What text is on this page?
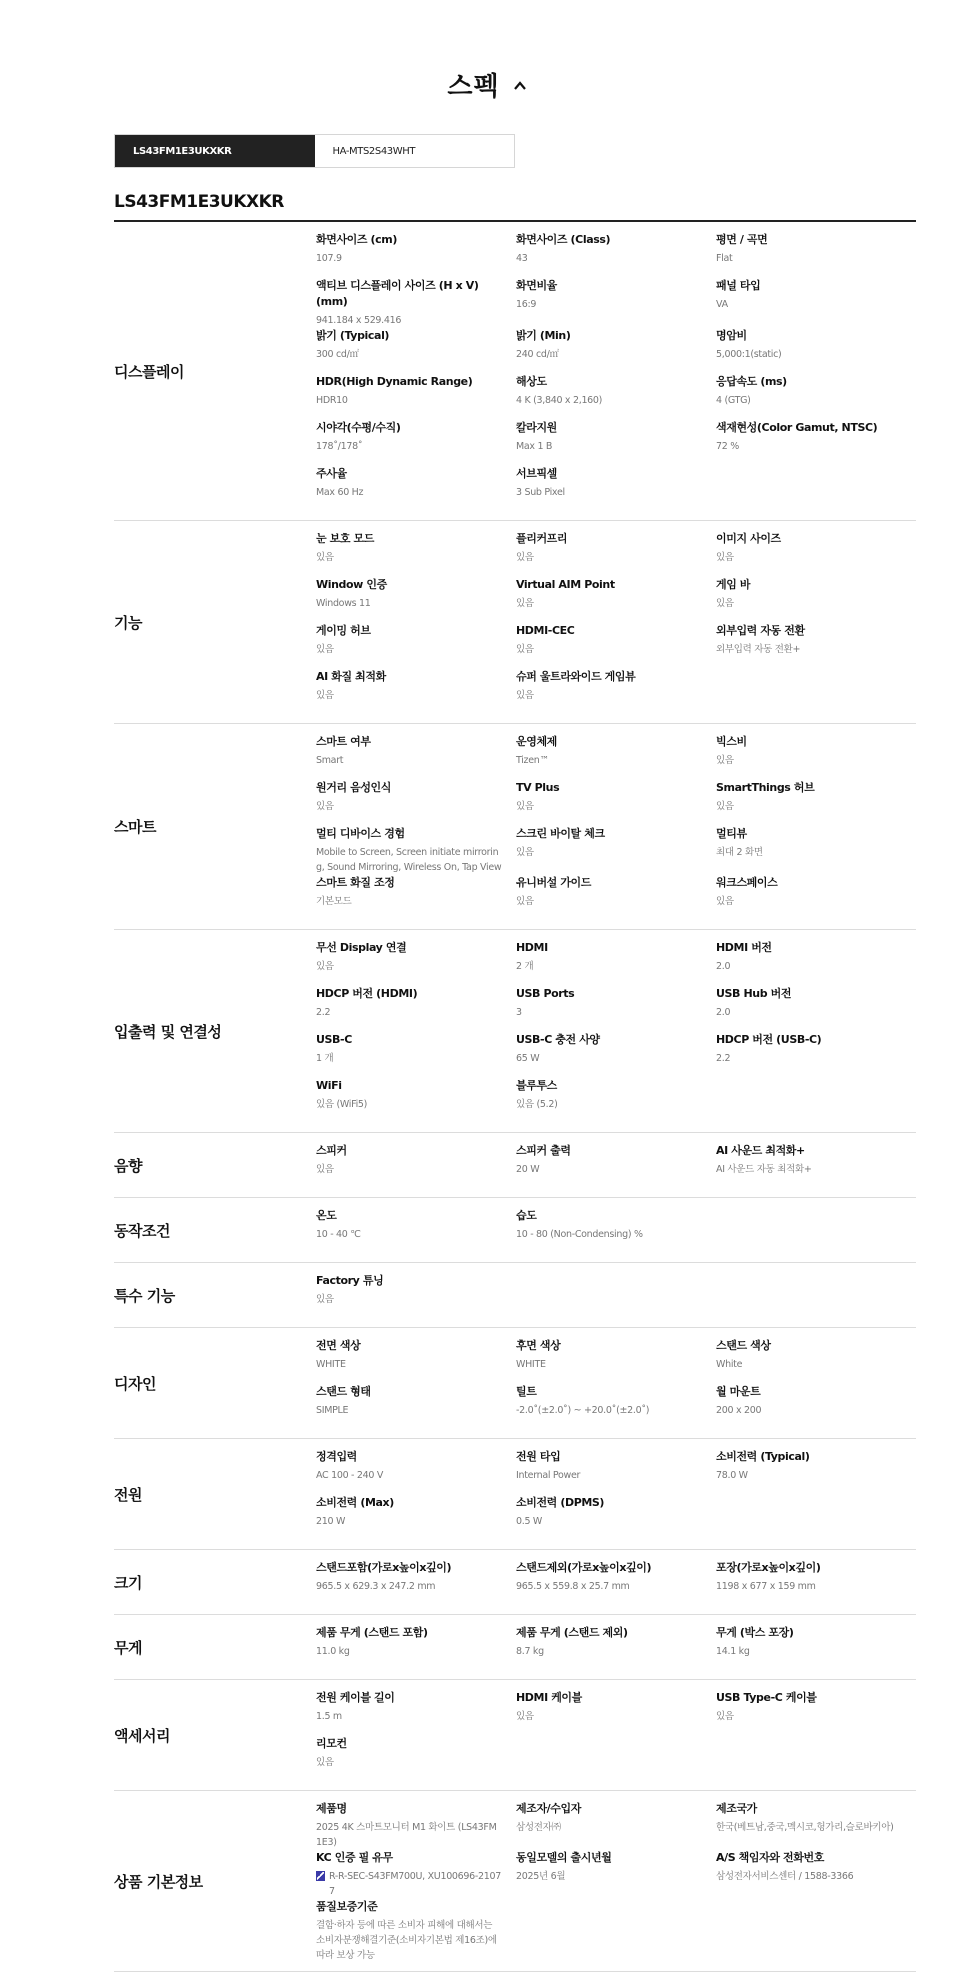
스펙
LS43FM1E3UKXKR	HA-MTS2S43WHT
LS43FM1E3UKXKR
디스플레이
화면사이즈 (cm)
107.9
화면사이즈 (Class)
43
평면 / 곡면
Flat
액티브 디스플레이 사이즈 (H x V) (mm)
941.184 x 529.416
화면비율
16:9
패널 타입
VA
밝기 (Typical)
300 cd/㎡
밝기 (Min)
240 cd/㎡
명암비
5,000:1(static)
HDR(High Dynamic Range)
HDR10
해상도
4 K (3,840 x 2,160)
응답속도 (ms)
4 (GTG)
시야각(수평/수직)
178˚/178˚
칼라지원
Max 1 B
색재현성(Color Gamut, NTSC)
72 %
주사율
Max 60 Hz
서브픽셀
3 Sub Pixel
기능
눈 보호 모드
있음
플리커프리
있음
이미지 사이즈
있음
Window 인증
Windows 11
Virtual AIM Point
있음
게임 바
있음
게이밍 허브
있음
HDMI-CEC
있음
외부입력 자동 전환
외부입력 자동 전환+
AI 화질 최적화
있음
슈퍼 울트라와이드 게임뷰
있음
스마트
스마트 여부
Smart
운영체제
Tizen™
빅스비
있음
원거리 음성인식
있음
TV Plus
있음
SmartThings 허브
있음
멀티 디바이스 경험
Mobile to Screen, Screen initiate mirroring, Sound Mirroring, Wireless On, Tap View
스크린 바이탈 체크
있음
멀티뷰
최대 2 화면
스마트 화질 조정
기본모드
유니버설 가이드
있음
워크스페이스
있음
입출력 및 연결성
무선 Display 연결
있음
HDMI
2 개
HDMI 버전
2.0
HDCP 버전 (HDMI)
2.2
USB Ports
3
USB Hub 버전
2.0
USB-C
1 개
USB-C 충전 사양
65 W
HDCP 버전 (USB-C)
2.2
WiFi
있음 (WiFi5)
블루투스
있음 (5.2)
음향
스피커
있음
스피커 출력
20 W
AI 사운드 최적화+
AI 사운드 자동 최적화+
동작조건
온도
10 - 40 ℃
습도
10 - 80 (Non-Condensing) %
특수 기능
Factory 튜닝
있음
디자인
전면 색상
WHITE
후면 색상
WHITE
스탠드 색상
White
스탠드 형태
SIMPLE
틸트
-2.0˚(±2.0˚) ~ +20.0˚(±2.0˚)
월 마운트
200 x 200
전원
정격입력
AC 100 - 240 V
전원 타입
Internal Power
소비전력 (Typical)
78.0 W
소비전력 (Max)
210 W
소비전력 (DPMS)
0.5 W
크기
스탠드포함(가로x높이x깊이)
965.5 x 629.3 x 247.2 mm
스탠드제외(가로x높이x깊이)
965.5 x 559.8 x 25.7 mm
포장(가로x높이x깊이)
1198 x 677 x 159 mm
무게
제품 무게 (스탠드 포함)
11.0 kg
제품 무게 (스탠드 제외)
8.7 kg
무게 (박스 포장)
14.1 kg
액세서리
전원 케이블 길이
1.5 m
HDMI 케이블
있음
USB Type-C 케이블
있음
리모컨
있음
상품 기본정보
제품명
2025 4K 스마트모니터 M1 화이트 (LS43FM1E3)
제조자/수입자
삼성전자㈜
제조국가
한국(베트남,중국,멕시코,헝가리,슬로바키아)
KC 인증 필 유무
R-R-SEC-S43FM700U, XU100696-21077
동일모델의 출시년월
2025년 6월
A/S 책임자와 전화번호
삼성전자서비스센터 / 1588-3366
품질보증기준
결함·하자 등에 따른 소비자 피해에 대해서는 소비자분쟁해결기준(소비자기본법 제16조)에 따라 보상 가능
